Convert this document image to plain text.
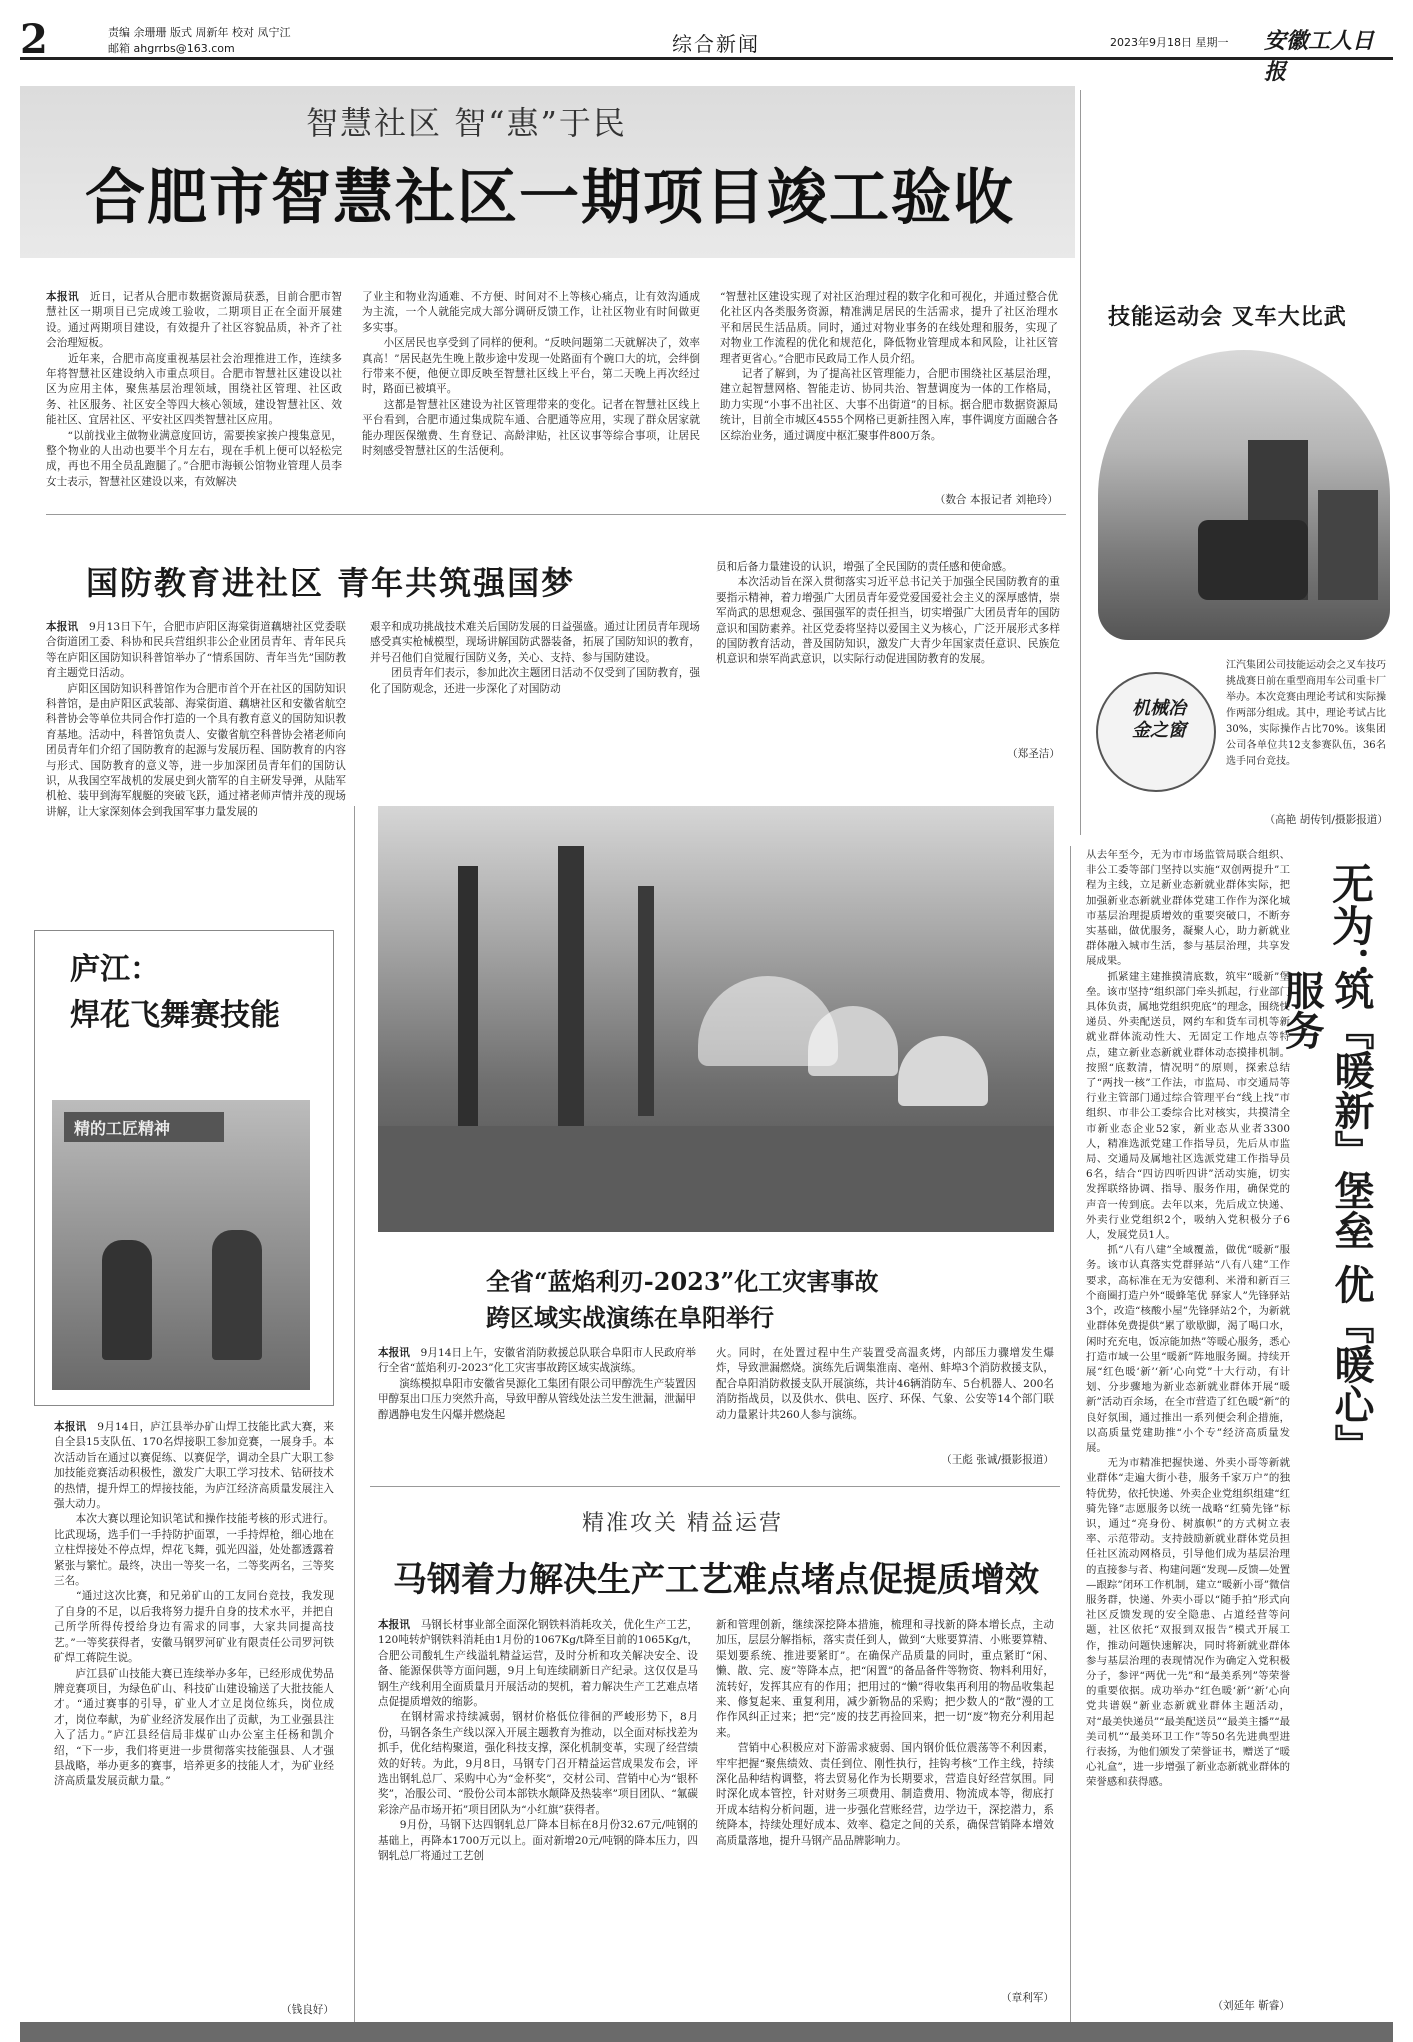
2	责编 余珊珊 版式 周新年 校对 凤宁江
邮箱 ahgrrbs@163.com	综合新闻	2023年9月18日 星期一 安徽工人日报
智慧社区 智“惠”于民
合肥市智慧社区一期项目竣工验收
本报讯　 近日，记者从合肥市数据资源局获悉，目前合肥市智慧社区一期项目已完成竣工验收，二期项目正在全面开展建设。通过两期项目建设，有效提升了社区容貌品质，补齐了社会治理短板。
　　近年来，合肥市高度重视基层社会治理推进工作，连续多年将智慧社区建设纳入市重点项目。合肥市智慧社区建设以社区为应用主体，聚焦基层治理领域，围绕社区管理、社区政务、社区服务、社区安全等四大核心领域，建设智慧社区、效能社区、宜居社区、平安社区四类智慧社区应用。
　　“以前找业主做物业满意度回访，需要挨家挨户搜集意见，整个物业的人出动也要半个月左右，现在手机上便可以轻松完成，再也不用全员乱跑腿了。”合肥市海顿公馆物业管理人员李女士表示，智慧社区建设以来，有效解决
了业主和物业沟通难、不方便、时间对不上等核心痛点，让有效沟通成为主流，一个人就能完成大部分调研反馈工作，让社区物业有时间做更多实事。
　　小区居民也享受到了同样的便利。“反映问题第二天就解决了，效率真高！”居民赵先生晚上散步途中发现一处路面有个碗口大的坑，会绊倒行带来不便，他便立即反映至智慧社区线上平台，第二天晚上再次经过时，路面已被填平。
　　这都是智慧社区建设为社区管理带来的变化。记者在智慧社区线上平台看到，合肥市通过集成院车通、合肥通等应用，实现了群众居家就能办理医保缴费、生育登记、高龄津贴，社区议事等综合事项，让居民时刻感受智慧社区的生活便利。
“智慧社区建设实现了对社区治理过程的数字化和可视化，并通过整合优化社区内各类服务资源，精准满足居民的生活需求，提升了社区治理水平和居民生活品质。同时，通过对物业事务的在线处理和服务，实现了对物业工作流程的优化和规范化，降低物业管理成本和风险，让社区管理者更省心。”合肥市民政局工作人员介绍。
　　记者了解到，为了提高社区管理能力，合肥市围绕社区基层治理，建立起智慧网格、智能走访、协同共治、智慧调度为一体的工作格局，助力实现“小事不出社区、大事不出街道”的目标。据合肥市数据资源局统计，目前全市城区4555个网格已更新挂图入库，事件调度方面融合各区综治业务，通过调度中枢汇聚事件800万条。
（数合 本报记者 刘艳玲）
技能运动会 叉车大比武
机械冶金之窗
江汽集团公司技能运动会之叉车技巧挑战赛日前在重型商用车公司重卡厂举办。本次竞赛由理论考试和实际操作两部分组成。其中，理论考试占比30%，实际操作占比70%。该集团公司各单位共12支参赛队伍，36名选手同台竞技。
（高艳 胡传钊/摄影报道）
国防教育进社区 青年共筑强国梦
本报讯　 9月13日下午，合肥市庐阳区海棠街道藕塘社区党委联合街道团工委、科协和民兵营组织非公企业团员青年、青年民兵等在庐阳区国防知识科普馆举办了“情系国防、青年当先”国防教育主题党日活动。
　　庐阳区国防知识科普馆作为合肥市首个开在社区的国防知识科普馆，是由庐阳区武装部、海棠街道、藕塘社区和安徽省航空科普协会等单位共同合作打造的一个具有教育意义的国防知识教育基地。活动中，科普馆负责人、安徽省航空科普协会褚老师向团员青年们介绍了国防教育的起源与发展历程、国防教育的内容与形式、国防教育的意义等，进一步加深团员青年们的国防认识，从我国空军战机的发展史到火箭军的自主研发导弹，从陆军机枪、装甲到海军舰艇的突破飞跃，通过褚老师声情并茂的现场讲解，让大家深刻体会到我国军事力量发展的
艰辛和成功挑战技术难关后国防发展的日益强盛。通过让团员青年现场感受真实枪械模型，现场讲解国防武器装备，拓展了国防知识的教育，并号召他们自觉履行国防义务，关心、支持、参与国防建设。
　　团员青年们表示，参加此次主题团日活动不仅受到了国防教育，强化了国防观念，还进一步深化了对国防动
员和后备力量建设的认识，增强了全民国防的责任感和使命感。
　　本次活动旨在深入贯彻落实习近平总书记关于加强全民国防教育的重要指示精神，着力增强广大团员青年爱党爱国爱社会主义的深厚感情，崇军尚武的思想观念、强国强军的责任担当，切实增强广大团员青年的国防意识和国防素养。社区党委将坚持以爱国主义为核心，广泛开展形式多样的国防教育活动，普及国防知识，激发广大青少年国家责任意识、民族危机意识和崇军尚武意识，以实际行动促进国防教育的发展。
（郑圣洁）
庐江：
焊花飞舞赛技能
精的工匠精神
本报讯　 9月14日，庐江县举办矿山焊工技能比武大赛，来自全县15支队伍、170名焊接职工参加竞赛，一展身手。本次活动旨在通过以赛促练、以赛促学，调动全县广大职工参加技能竞赛活动积极性，激发广大职工学习技术、钻研技术的热情，提升焊工的焊接技能，为庐江经济高质量发展注入强大动力。
　　本次大赛以理论知识笔试和操作技能考核的形式进行。比武现场，选手们一手持防护面罩，一手持焊枪，细心地在立柱焊接处不停点焊，焊花飞舞，弧光四溢，处处都透露着紧张与繁忙。最终，决出一等奖一名，二等奖两名，三等奖三名。
　　“通过这次比赛，和兄弟矿山的工友同台竞技，我发现了自身的不足，以后我将努力提升自身的技术水平，并把自己所学所得传授给身边有需求的同事，大家共同提高技艺。”一等奖获得者，安徽马钢罗河矿业有限责任公司罗河铁矿焊工蒋院生说。
　　庐江县矿山技能大赛已连续举办多年，已经形成优势品牌竞赛项目，为绿色矿山、科技矿山建设输送了大批技能人才。“通过赛事的引导，矿业人才立足岗位练兵，岗位成才，岗位奉献，为矿业经济发展作出了贡献，为工业强县注入了活力。”庐江县经信局非煤矿山办公室主任杨和凯介绍，“下一步，我们将更进一步贯彻落实技能强县、人才强县战略，举办更多的赛事，培养更多的技能人才，为矿业经济高质量发展贡献力量。”
（钱良好）
全省“蓝焰利刃-2023”化工灾害事故
跨区域实战演练在阜阳举行
本报讯　 9月14日上午，安徽省消防救援总队联合阜阳市人民政府举行全省“蓝焰利刃-2023”化工灾害事故跨区域实战演练。
　　演练模拟阜阳市安徽省昊源化工集团有限公司甲醇洗生产装置因甲醇泵出口压力突然升高，导致甲醇从管线处法兰发生泄漏，泄漏甲醇遇静电发生闪爆并燃烧起
火。同时，在处置过程中生产装置受高温炙烤，内部压力骤增发生爆炸，导致泄漏燃烧。演练先后调集淮南、亳州、蚌埠3个消防救援支队，配合阜阳消防救援支队开展演练，共计46辆消防车、5台机器人、200名消防指战员，以及供水、供电、医疗、环保、气象、公安等14个部门联动力量累计共260人参与演练。
（王彪 张诚/摄影报道）
精准攻关 精益运营
马钢着力解决生产工艺难点堵点促提质增效
本报讯　 马钢长材事业部全面深化钢铁料消耗攻关，优化生产工艺，120吨转炉钢铁料消耗由1月份的1067Kg/t降至目前的1065Kg/t，合肥公司酸轧生产线溢轧精益运营，及时分析和攻关解决安全、设备、能源保供等方面问题，9月上旬连续刷新日产纪录。这仅仅是马钢生产线利用全面质量月开展活动的契机，着力解决生产工艺难点堵点促提质增效的缩影。
　　在钢材需求持续减弱，钢材价格低位徘徊的严峻形势下，8月份，马钢各条生产线以深入开展主题教育为推动，以全面对标找差为抓手，优化结构聚道，强化科技支撑，深化机制变革，实现了经营绩效的好转。为此，9月8日，马钢专门召开精益运营成果发布会，评选出钢轧总厂、采购中心为“金杯奖”，交材公司、营销中心为“银杯奖”，冶服公司、“股份公司本部铁水颠降及热装率”项目团队、“氟碳彩涂产品市场开拓”项目团队为“小红旗”获得者。
　　9月份，马钢下达四钢轧总厂降本目标在8月份32.67元/吨钢的基础上，再降本1700万元以上。面对新增20元/吨钢的降本压力，四钢轧总厂将通过工艺创
新和管理创新，继续深挖降本措施，梳理和寻找新的降本增长点，主动加压，层层分解指标，落实责任到人，做到“大账要算清、小账要算精、渠划要系统、推进要紧盯”。在确保产品质量的同时，重点紧盯“闲、懒、散、完、废”等降本点，把“闲置”的备品备件等物资、物料利用好，流转好，发挥其应有的作用；把用过的“懒”得收集再利用的物品收集起来、修复起来、重复利用，减少新物品的采购；把少数人的“散”漫的工作作风纠正过来；把“完”废的技艺再捡回来，把一切“废”物充分利用起来。
　　营销中心积极应对下游需求疲弱、国内钢价低位震荡等不利因素，牢牢把握“聚焦绩效、责任到位、刚性执行，挂钩考核”工作主线，持续深化品种结构调整，将去贸易化作为长期要求，营造良好经营氛围。同时深化成本管控，针对财务三项费用、制造费用、物流成本等，彻底打开成本结构分析问题，进一步强化营账经营，边学边干，深挖潜力，系统降本，持续处理好成本、效率、稳定之间的关系，确保营销降本增效高质量落地，提升马钢产品品牌影响力。
（章利军）
从去年至今，无为市市场监管局联合组织、非公工委等部门坚持以实施“双创两提升”工程为主线，立足新业态新就业群体实际，把加强新业态新就业群体党建工作作为深化城市基层治理提质增效的重要突破口，不断夯实基础，做优服务，凝聚人心，助力新就业群体融入城市生活，参与基层治理，共享发展成果。
　　抓紧建主建推摸清底数，筑牢“暖新”堡垒。该市坚持“组织部门牵头抓起，行业部门具体负责，属地党组织兜底”的理念，围绕快递员、外卖配送员，网约车和货车司机等新就业群体流动性大、无固定工作地点等特点，建立新业态新就业群体动态摸排机制。按照“底数清，情况明”的原则，探索总结了“两找一核”工作法，市监局、市交通局等行业主管部门通过综合管理平台“线上找”市组织、市非公工委综合比对核实，共摸清全市新业态企业52家，新业态从业者3300人，精准选派党建工作指导员，先后从市监局、交通局及属地社区选派党建工作指导员6名，结合“四访四听四讲”活动实施，切实发挥联络协调、指导、服务作用，确保党的声音一传到底。去年以来，先后成立快递、外卖行业党组织2个，吸纳入党积极分子6人，发展党员1人。
　　抓“八有八建”全域覆盖，做优“暖新”服务。该市认真落实党群驿站“八有八建”工作要求，高标准在无为安德利、米滑和新百三个商圈打造户外“暖蜂笔优 驿家人”先锋驿站3个，改造“核酸小屋”先锋驿站2个，为新就业群体免费提供“累了歇歇脚，渴了喝口水，闲时充充电，饭凉能加热”等暖心服务，悉心打造市域一公里“暖新”阵地服务圈。持续开展“红色暖‘新’‘新’心向党”十大行动，有计划、分步骤地为新业态新就业群体开展“暖新”活动百余场，在全市营造了红色暖“新”的良好氛围，通过推出一系列便会利企措施，以高质量党建助推“小个专”经济高质量发展。
　　无为市精准把握快递、外卖小哥等新就业群体“走遍大街小巷，服务千家万户”的独特优势，依托快递、外卖企业党组织组建“红骑先锋”志愿服务以统一战略“红骑先锋”标识，通过“亮身份、树旗帜”的方式树立表率、示范带动。支持鼓励新就业群体党员担任社区流动网格员，引导他们成为基层治理的直接参与者、构建问题“发现—反馈—处置—跟踪”闭环工作机制，建立“暖新小哥”微信服务群，快递、外卖小哥以“随手拍”形式向社区反馈发现的安全隐患、占道经营等问题，社区依托“双报到双报告”模式开展工作，推动问题快速解决，同时将新就业群体参与基层治理的表现情况作为确定入党积极分子，参评“两优一先”和“最美系列”等荣誉的重要依据。成功举办“红色暖‘新’‘新’心向党共谱娱”新业态新就业群体主题活动，对“最美快递员”“最美配送员”“最美主播”“最美司机”“最美环卫工作”等50名先进典型进行表扬，为他们颁发了荣誉证书，赠送了“暖心礼盒”，进一步增强了新业态新就业群体的荣誉感和获得感。
（刘延年 靳睿）
无为：
筑『暖新』堡垒 优『暖心』服务
